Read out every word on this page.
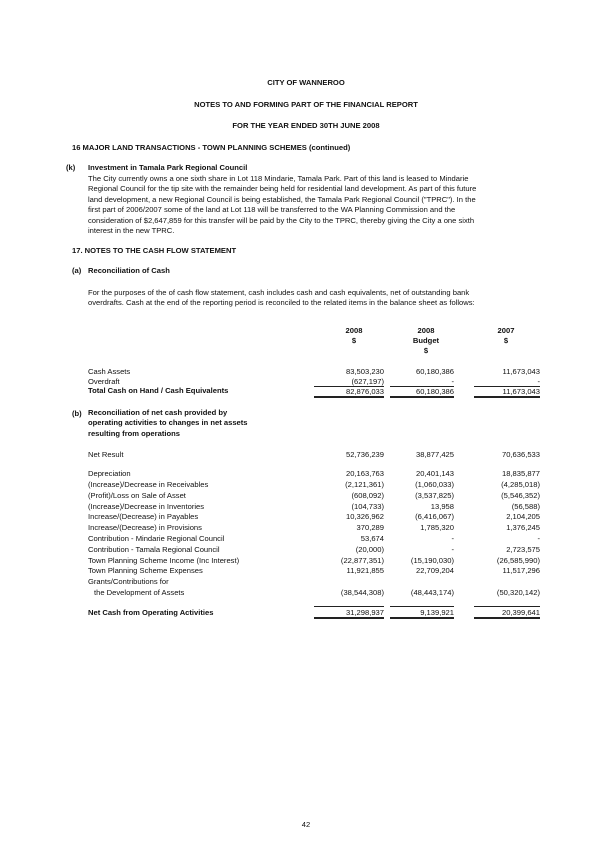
CITY OF WANNEROO
NOTES TO AND FORMING PART OF THE FINANCIAL REPORT
FOR THE YEAR ENDED 30TH JUNE 2008
16 MAJOR LAND TRANSACTIONS - TOWN PLANNING SCHEMES (continued)
(k) Investment in Tamala Park Regional Council
The City currently owns a one sixth share in Lot 118 Mindarie, Tamala Park. Part of this land is leased to Mindarie
Regional Council for the tip site with the remainder being held for residential land development. As part of this future
land development, a new Regional Council is being established, the Tamala Park Regional Council ("TPRC"). In the
first part of 2006/2007 some of the land at Lot 118 will be transferred to the WA Planning Commission and the
consideration of $2,647,859 for this transfer will be paid by the City to the TPRC, thereby giving the City a one sixth
interest in the new TPRC.
17. NOTES TO THE CASH FLOW STATEMENT
(a) Reconciliation of Cash
For the purposes of the of cash flow statement, cash includes cash and cash equivalents, net of outstanding bank
overdrafts. Cash at the end of the reporting period is reconciled to the related items in the balance sheet as follows:
2008
$
2008
Budget
$
2007
$
Cash Assets	83,503,230	60,180,386	11,673,043
Overdraft	(627,197)	-	-
Total Cash on Hand / Cash Equivalents	82,876,033	60,180,386	11,673,043
(b) Reconciliation of net cash provided by
operating activities to changes in net assets
resulting from operations
Net Result	52,736,239	38,877,425	70,636,533
Depreciation	20,163,763	20,401,143	18,835,877
(Increase)/Decrease in Receivables	(2,121,361)	(1,060,033)	(4,285,018)
(Profit)/Loss on Sale of Asset	(608,092)	(3,537,825)	(5,546,352)
(Increase)/Decrease in Inventories	(104,733)	13,958	(56,588)
Increase/(Decrease) in Payables	10,326,962	(6,416,067)	2,104,205
Increase/(Decrease) in Provisions	370,289	1,785,320	1,376,245
Contribution - Mindarie Regional Council	53,674	-	-
Contribution - Tamala Regional Council	(20,000)	-	2,723,575
Town Planning Scheme Income (Inc Interest)	(22,877,351)	(15,190,030)	(26,585,990)
Town Planning Scheme Expenses	11,921,855	22,709,204	11,517,296
Grants/Contributions for
the Development of Assets	(38,544,308)	(48,443,174)	(50,320,142)
Net Cash from Operating Activities	31,298,937	9,139,921	20,399,641
42
